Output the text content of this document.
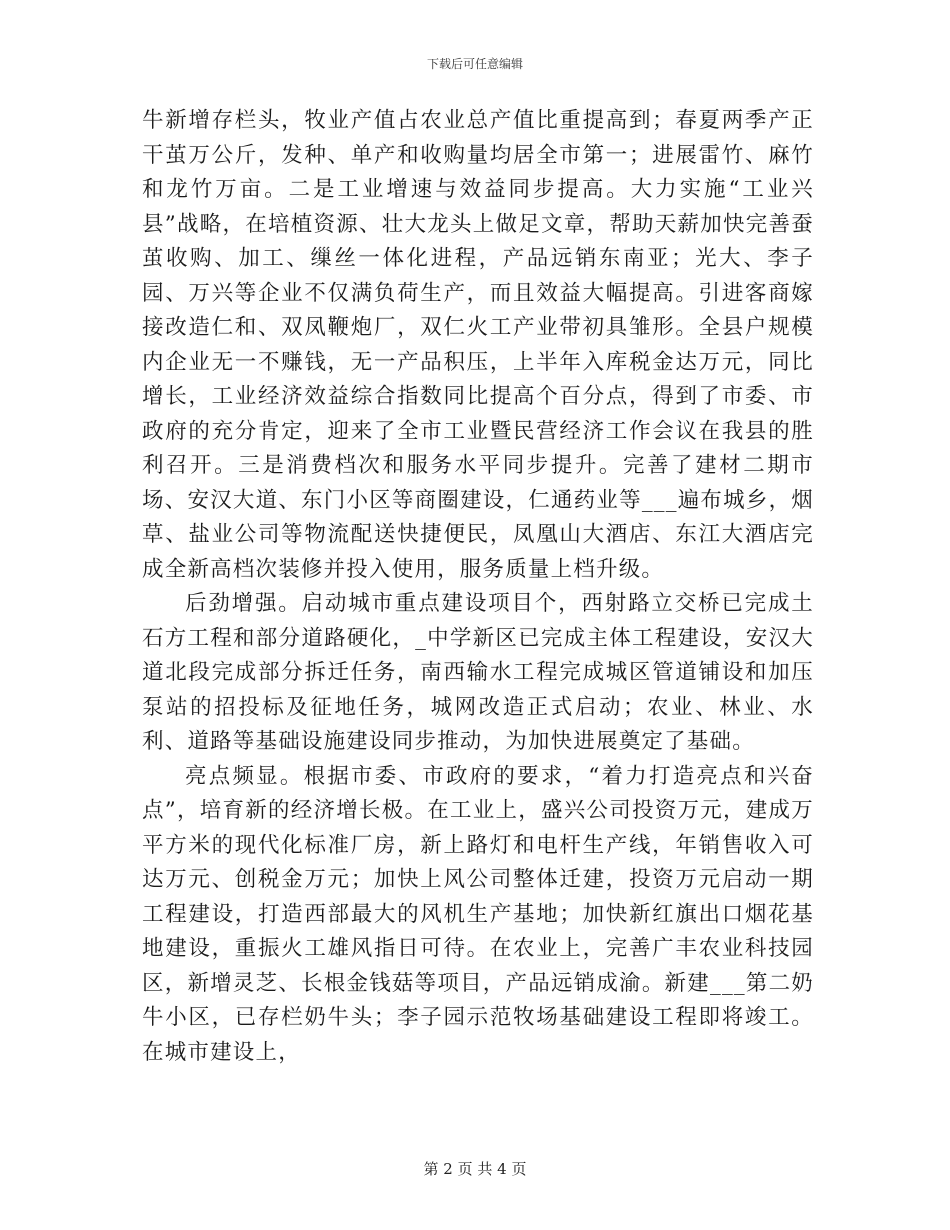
下载后可任意编辑

牛新增存栏头，牧业产值占农业总产值比重提高到；春夏两季产正干茧万公斤，发种、单产和收购量均居全市第一；进展雷竹、麻竹和龙竹万亩。二是工业增速与效益同步提高。大力实施“工业兴县”战略，在培植资源、壮大龙头上做足文章，帮助天薪加快完善蚕茧收购、加工、缫丝一体化进程，产品远销东南亚；光大、李子园、万兴等企业不仅满负荷生产，而且效益大幅提高。引进客商嫁接改造仁和、双凤鞭炮厂，双仁火工产业带初具雏形。全县户规模内企业无一不赚钱，无一产品积压，上半年入库税金达万元，同比增长，工业经济效益综合指数同比提高个百分点，得到了市委、市政府的充分肯定，迎来了全市工业暨民营经济工作会议在我县的胜利召开。三是消费档次和服务水平同步提升。完善了建材二期市场、安汉大道、东门小区等商圈建设，仁通药业等___遍布城乡，烟草、盐业公司等物流配送快捷便民，凤凰山大酒店、东江大酒店完成全新高档次装修并投入使用，服务质量上档升级。

后劲增强。启动城市重点建设项目个，西射路立交桥已完成土石方工程和部分道路硬化，_中学新区已完成主体工程建设，安汉大道北段完成部分拆迁任务，南西输水工程完成城区管道铺设和加压泵站的招投标及征地任务，城网改造正式启动；农业、林业、水利、道路等基础设施建设同步推动，为加快进展奠定了基础。

亮点频显。根据市委、市政府的要求，“着力打造亮点和兴奋点”，培育新的经济增长极。在工业上，盛兴公司投资万元，建成万平方米的现代化标准厂房，新上路灯和电杆生产线，年销售收入可达万元、创税金万元；加快上风公司整体迁建，投资万元启动一期工程建设，打造西部最大的风机生产基地；加快新红旗出口烟花基地建设，重振火工雄风指日可待。在农业上，完善广丰农业科技园区，新增灵芝、长根金钱菇等项目，产品远销成渝。新建___第二奶牛小区，已存栏奶牛头；李子园示范牧场基础建设工程即将竣工。在城市建设上，

第 2 页 共 4 页
